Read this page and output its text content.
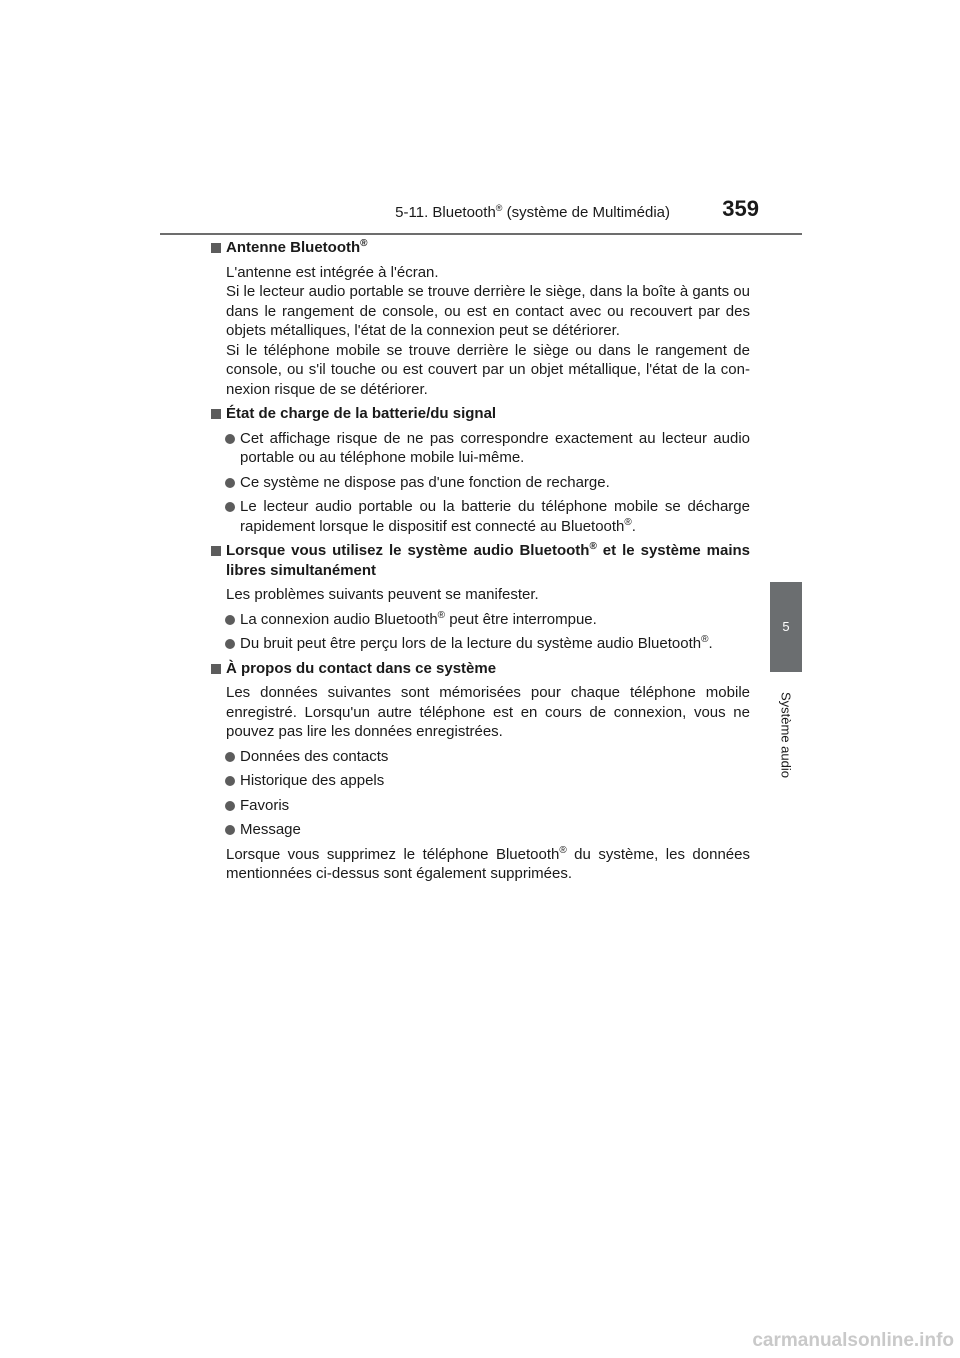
5-11. Bluetooth® (système de Multimédia) 359
5
Système audio
Antenne Bluetooth®
L'antenne est intégrée à l'écran.
Si le lecteur audio portable se trouve derrière le siège, dans la boîte à gants ou dans le rangement de console, ou est en contact avec ou recouvert par des objets métalliques, l'état de la connexion peut se détériorer.
Si le téléphone mobile se trouve derrière le siège ou dans le rangement de console, ou s'il touche ou est couvert par un objet métallique, l'état de la con-nexion risque de se détériorer.
État de charge de la batterie/du signal
Cet affichage risque de ne pas correspondre exactement au lecteur audio portable ou au téléphone mobile lui-même.
Ce système ne dispose pas d'une fonction de recharge.
Le lecteur audio portable ou la batterie du téléphone mobile se décharge rapidement lorsque le dispositif est connecté au Bluetooth®.
Lorsque vous utilisez le système audio Bluetooth® et le système mains libres simultanément
Les problèmes suivants peuvent se manifester.
La connexion audio Bluetooth® peut être interrompue.
Du bruit peut être perçu lors de la lecture du système audio Bluetooth®.
À propos du contact dans ce système
Les données suivantes sont mémorisées pour chaque téléphone mobile enregistré. Lorsqu'un autre téléphone est en cours de connexion, vous ne pouvez pas lire les données enregistrées.
Données des contacts
Historique des appels
Favoris
Message
Lorsque vous supprimez le téléphone Bluetooth® du système, les données mentionnées ci-dessus sont également supprimées.
carmanualsonline.info
